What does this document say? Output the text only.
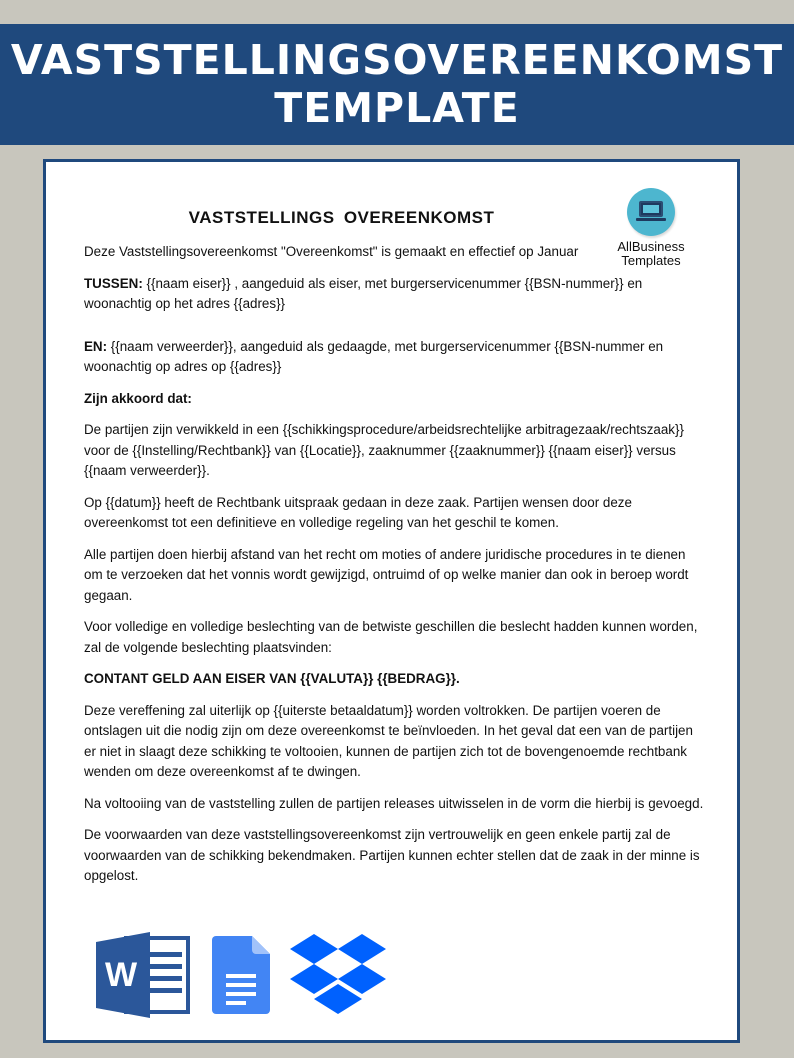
VASTSTELLINGSOVEREENKOMST
TEMPLATE
AllBusiness
Templates
VASTSTELLINGS OVEREENKOMST

Deze Vaststellingsovereenkomst "Overeenkomst" is gemaakt en effectief op Januar

TUSSEN: {{naam eiser}} , aangeduid als eiser, met burgerservicenummer {{BSN-nummer}} en woonachtig op het adres {{adres}}

EN: {{naam verweerder}}, aangeduid als gedaagde, met burgerservicenummer {{BSN-nummer en woonachtig op adres op {{adres}}

Zijn akkoord dat:

De partijen zijn verwikkeld in een {{schikkingsprocedure/arbeidsrechtelijke arbitragezaak/rechtszaak}} voor de {{Instelling/Rechtbank}} van {{Locatie}}, zaaknummer {{zaaknummer}} {{naam eiser}} versus {{naam verweerder}}.

Op {{datum}} heeft de Rechtbank uitspraak gedaan in deze zaak. Partijen wensen door deze overeenkomst tot een definitieve en volledige regeling van het geschil te komen.

Alle partijen doen hierbij afstand van het recht om moties of andere juridische procedures in te dienen om te verzoeken dat het vonnis wordt gewijzigd, ontruimd of op welke manier dan ook in beroep wordt gegaan.

Voor volledige en volledige beslechting van de betwiste geschillen die beslecht hadden kunnen worden, zal de volgende beslechting plaatsvinden:

CONTANT GELD AAN EISER VAN {{VALUTA}} {{BEDRAG}}.

Deze vereffening zal uiterlijk op {{uiterste betaaldatum}} worden voltrokken. De partijen voeren de ontslagen uit die nodig zijn om deze overeenkomst te beïnvloeden. In het geval dat een van de partijen er niet in slaagt deze schikking te voltooien, kunnen de partijen zich tot de bovengenoemde rechtbank wenden om deze overeenkomst af te dwingen.

Na voltooiing van de vaststelling zullen de partijen releases uitwisselen in de vorm die hierbij is gevoegd.

De voorwaarden van deze vaststellingsovereenkomst zijn vertrouwelijk en geen enkele partij zal de voorwaarden van de schikking bekendmaken. Partijen kunnen echter stellen dat de zaak in der minne is opgelost.

W
